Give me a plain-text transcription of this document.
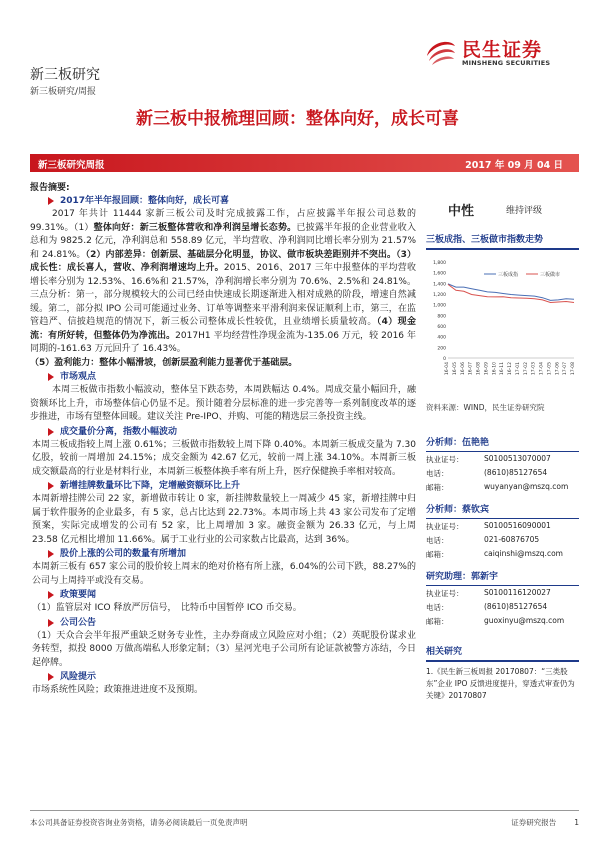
民生证券
MINSHENG SECURITIES
新三板研究
新三板研究/周报
新三板中报梳理回顾：整体向好，成长可喜
新三板研究周报	2017 年 09 月 04 日
报告摘要:
2017年半年报回顾：整体向好，成长可喜
2017 年共计 11444 家新三板公司及时完成披露工作，占应披露半年报公司总数的 99.31%。（1）整体向好：新三板整体营收和净利润呈增长态势。已披露半年报的企业营业收入总和为 9825.2 亿元，净利润总和 558.89 亿元，半均营收、净利润同比增长率分别为 21.57%和 24.81%。（2）内部差异：创新层、基础层分化明显，协议、做市板块差距别并不突出。（3）成长性：成长喜人，营收、净利润增速均上升。2015、2016、2017 三年中报整体的平均营收增长率分别为 12.53%、16.6%和 21.57%，净利润增长率分别为 70.6%、2.5%和 24.81%。三点分析：第一，部分规模较大的公司已经由快速成长期逐渐进入相对成熟的阶段，增速自然减缓。第二，部分拟 IPO 公司可能通过业务、订单等调整来平滑利润来保证顺利上市，第三，在监管趋严、信披趋规范的情况下，新三板公司整体成长性较优，且业绩增长质量较高。（4）现金流：有所好转，但整体仍为净流出。2017H1 平均经营性净现金流为-135.06 万元，较 2016 年同期的-161.63 万元回升了 16.43%。
（5）盈利能力：整体小幅滑坡，创新层盈利能力显著优于基础层。
市场观点
本周三板做市指数小幅波动，整体呈下跌态势，本周跌幅达 0.4%。周成交量小幅回升，融资额环比上升，市场整体信心仍显不足。预计随着分层标准的进一步完善等一系列制度改革的逐步推进，市场有望整体回暖。建议关注 Pre-IPO、并购、可能的精选层三条投资主线。
成交量价分离，指数小幅波动
本周三板成指较上周上涨 0.61%；三板做市指数较上周下降 0.40%。本周新三板成交量为 7.30 亿股，较前一周增加 24.15%；成交金额为 42.67 亿元，较前一周上涨 34.10%。本周新三板成交额最高的行业是材料行业，本周新三板整体换手率有所上升，医疗保健换手率相对较高。
新增挂牌数量环比下降，定增融资额环比上升
本周新增挂牌公司 22 家，新增做市转让 0 家，新挂牌数量较上一周减少 45 家，新增挂牌中归属于软件服务的企业最多，有 5 家，总占比达到 22.73%。本周市场上共 43 家公司发布了定增预案，实际完成增发的公司有 52 家，比上周增加 3 家。融资金额为 26.33 亿元，与上周 23.58 亿元相比增加 11.66%。属于工业行业的公司家数占比最高，达到 36%。
股价上涨的公司的数量有所增加
本周新三板有 657 家公司的股价较上周末的绝对价格有所上涨，6.04%的公司下跌，88.27%的公司与上周持平或没有交易。
政策要闻
（1）监管层对 ICO 释放严厉信号，　比特币中国暂停 ICO 币交易。
公司公告
（1）天众合会半年报严重缺乏财务专业性，主办券商成立风险应对小组；（2）英昵股份谋求业务转型，拟投 8000 万做高端私人形象定制；（3）星河光电子公司所有论证款被警方冻结，今日起停牌。
风险提示
市场系统性风险；政策推进进度不及预期。
中性	维持评级
三板成指、三板做市指数走势
1,800
1,600
1,400
1,200
1,000
800
600
400
200
0
16-04 16-05 16-06 16-07 16-08 16-09 16-10 16-11 16-12 17-01 17-02 17-03 17-04 17-05 17-06 17-07 17-08
三板成指	三板做市
资料来源：WIND，民生证券研究院
分析师：伍艳艳
执业证号：	S0100513070007
电话：	(8610)85127654
邮箱：	wuyanyan@mszq.com
分析师：蔡钦宾
执业证号：	S0100516090001
电话：	021-60876705
邮箱：	caiqinshi@mszq.com
研究助理：郭新宇
执业证号：	S0100116120027
电话：	(8610)85127654
邮箱：	guoxinyu@mszq.com
相关研究
1.《民生新三板周报 20170807：“三类股东”企业 IPO 反馈进度提升，穿透式审查仍为关键》20170807
本公司具备证券投资咨询业务资格，请务必阅读最后一页免责声明	证券研究报告 1
